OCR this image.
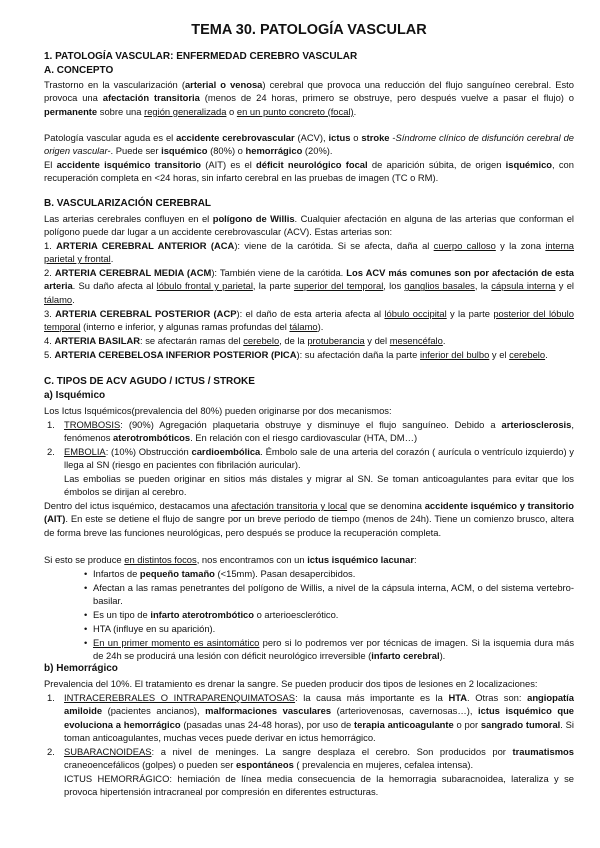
TEMA 30. PATOLOGÍA VASCULAR
1. PATOLOGÍA VASCULAR: ENFERMEDAD CEREBRO VASCULAR
A. CONCEPTO
Trastorno en la vascularización (arterial o venosa) cerebral que provoca una reducción del flujo sanguíneo cerebral. Esto provoca una afectación transitoria (menos de 24 horas, primero se obstruye, pero después vuelve a pasar el flujo) o permanente sobre una región generalizada o en un punto concreto (focal).
Patología vascular aguda es el accidente cerebrovascular (ACV), ictus o stroke -Síndrome clínico de disfunción cerebral de origen vascular-. Puede ser isquémico (80%) o hemorrágico (20%).
El accidente isquémico transitorio (AIT) es el déficit neurológico focal de aparición súbita, de origen isquémico, con recuperación completa en <24 horas, sin infarto cerebral en las pruebas de imagen (TC o RM).
B. VASCULARIZACIÓN CEREBRAL
Las arterias cerebrales confluyen en el polígono de Willis. Cualquier afectación en alguna de las arterias que conforman el polígono puede dar lugar a un accidente cerebrovascular (ACV). Estas arterias son:
1. ARTERIA CEREBRAL ANTERIOR (ACA): viene de la carótida. Si se afecta, daña al cuerpo calloso y la zona interna parietal y frontal.
2. ARTERIA CEREBRAL MEDIA (ACM): También viene de la carótida. Los ACV más comunes son por afectación de esta arteria. Su daño afecta al lóbulo frontal y parietal, la parte superior del temporal, los ganglios basales, la cápsula interna y el tálamo.
3. ARTERIA CEREBRAL POSTERIOR (ACP): el daño de esta arteria afecta al lóbulo occipital y la parte posterior del lóbulo temporal (interno e inferior, y algunas ramas profundas del tálamo).
4. ARTERIA BASILAR: se afectarán ramas del cerebelo, de la protuberancia y del mesencéfalo.
5. ARTERIA CEREBELOSA INFERIOR POSTERIOR (PICA): su afectación daña la parte inferior del bulbo y el cerebelo.
C. TIPOS DE ACV AGUDO / ICTUS / STROKE
a) Isquémico
Los Ictus Isquémicos(prevalencia del 80%) pueden originarse por dos mecanismos:
1. TROMBOSIS: (90%) Agregación plaquetaria obstruye y disminuye el flujo sanguíneo. Debido a arteriosclerosis, fenómenos aterotrombóticos. En relación con el riesgo cardiovascular (HTA, DM…)
2. EMBOLIA: (10%) Obstrucción cardioembólica. Émbolo sale de una arteria del corazón ( aurícula o ventrículo izquierdo) y llega al SN (riesgo en pacientes con fibrilación auricular).
Las embolias se pueden originar en sitios más distales y migrar al SN. Se toman anticoagulantes para evitar que los émbolos se dirijan al cerebro.
Dentro del ictus isquémico, destacamos una afectación transitoria y local que se denomina accidente isquémico y transitorio (AIT). En este se detiene el flujo de sangre por un breve periodo de tiempo (menos de 24h). Tiene un comienzo brusco, altera de forma breve las funciones neurológicas, pero después se produce la recuperación completa.
Si esto se produce en distintos focos, nos encontramos con un ictus isquémico lacunar:
• Infartos de pequeño tamaño (<15mm). Pasan desapercibidos.
• Afectan a las ramas penetrantes del polígono de Willis, a nivel de la cápsula interna, ACM, o del sistema vertebro-basilar.
• Es un tipo de infarto aterotrombótico o arterioesclerótico.
• HTA (influye en su aparición).
• En un primer momento es asintomático pero si lo podremos ver por técnicas de imagen. Si la isquemia dura más de 24h se producirá una lesión con déficit neurológico irreversible (infarto cerebral).
b) Hemorrágico
Prevalencia del 10%. El tratamiento es drenar la sangre. Se pueden producir dos tipos de lesiones en 2 localizaciones:
1. INTRACEREBRALES O INTRAPARENQUIMATOSAS: la causa más importante es la HTA. Otras son: angiopatía amiloide (pacientes ancianos), malformaciones vasculares (arteriovenosas, cavernosas…), ictus isquémico que evoluciona a hemorrágico (pasadas unas 24-48 horas), por uso de terapia anticoagulante o por sangrado tumoral. Si toman anticoagulantes, muchas veces puede derivar en ictus hemorrágico.
2. SUBARACNOIDEAS: a nivel de meninges. La sangre desplaza el cerebro. Son producidos por traumatismos craneoencefálicos (golpes) o pueden ser espontáneos ( prevalencia en mujeres, cefalea intensa).
ICTUS HEMORRÁGICO: hemiación de línea media consecuencia de la hemorragia subaracnoidea, lateraliza y se provoca hipertensión intracraneal por compresión en diferentes estructuras.
